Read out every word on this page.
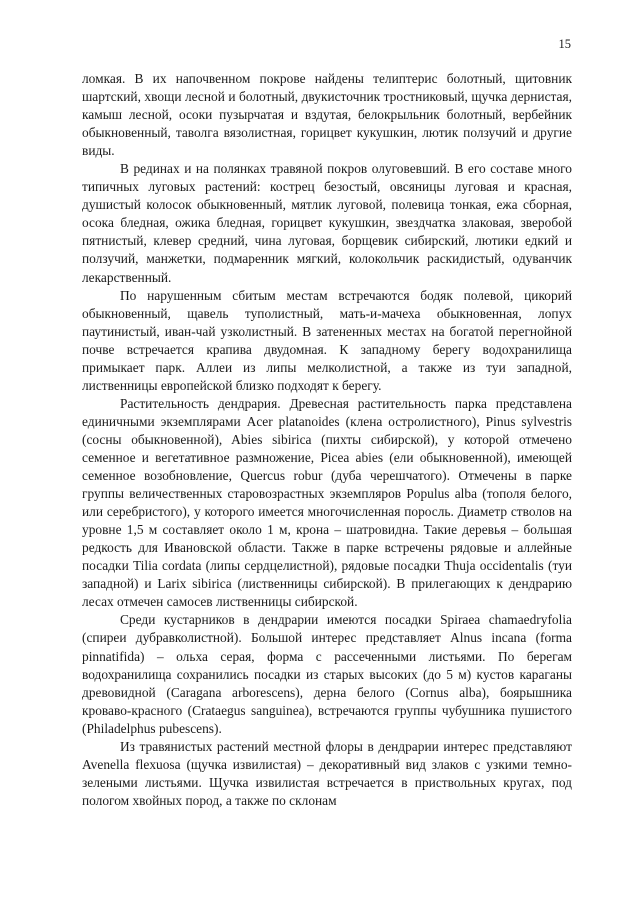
15

ломкая. В их напочвенном покрове найдены телиптерис болотный, щитовник шартский, хвощи лесной и болотный, двукисточник тростниковый, щучка дернистая, камыш лесной, осоки пузырчатая и вздутая, белокрыльник болотный, вербейник обыкновенный, таволга вязолистная, горицвет кукушкин, лютик ползучий и другие виды.

В рединах и на полянках травяной покров олуговевший. В его составе много типичных луговых растений: кострец безостый, овсяницы луговая и красная, душистый колосок обыкновенный, мятлик луговой, полевица тонкая, ежа сборная, осока бледная, ожика бледная, горицвет кукушкин, звездчатка злаковая, зверобой пятнистый, клевер средний, чина луговая, борщевик сибирский, лютики едкий и ползучий, манжетки, подмаренник мягкий, колокольчик раскидистый, одуванчик лекарственный.

По нарушенным сбитым местам встречаются бодяк полевой, цикорий обыкновенный, щавель туполистный, мать-и-мачеха обыкновенная, лопух паутинистый, иван-чай узколистный. В затененных местах на богатой перегнойной почве встречается крапива двудомная. К западному берегу водохранилища примыкает парк. Аллеи из липы мелколистной, а также из туи западной, лиственницы европейской близко подходят к берегу.

Растительность дендрария. Древесная растительность парка представлена единичными экземплярами Acer platanoides (клена остролистного), Pinus sylvestris (сосны обыкновенной), Abies sibirica (пихты сибирской), у которой отмечено семенное и вегетативное размножение, Picea abies (ели обыкновенной), имеющей семенное возобновление, Quercus robur (дуба черешчатого). Отмечены в парке группы величественных старовозрастных экземпляров Populus alba (тополя белого, или серебристого), у которого имеется многочисленная поросль. Диаметр стволов на уровне 1,5 м составляет около 1 м, крона – шатровидна. Такие деревья – большая редкость для Ивановской области. Также в парке встречены рядовые и аллейные посадки Tilia cordata (липы сердцелистной), рядовые посадки Thuja occidentalis (туи западной) и Larix sibirica (лиственницы сибирской). В прилегающих к дендрарию лесах отмечен самосев лиственницы сибирской.

Среди кустарников в дендрарии имеются посадки Spiraea chamaedryfolia (спиреи дубравколистной). Большой интерес представляет Alnus incana (forma pinnatifida) – ольха серая, форма с рассеченными листьями. По берегам водохранилища сохранились посадки из старых высоких (до 5 м) кустов караганы древовидной (Caragana arborescens), дерна белого (Cornus alba), боярышника кроваво-красного (Crataegus sanguinea), встречаются группы чубушника пушистого (Philadelphus pubescens).

Из травянистых растений местной флоры в дендрарии интерес представляют Avenella flexuosa (щучка извилистая) – декоративный вид злаков с узкими темно-зелеными листьями. Щучка извилистая встречается в приствольных кругах, под пологом хвойных пород, а также по склонам
